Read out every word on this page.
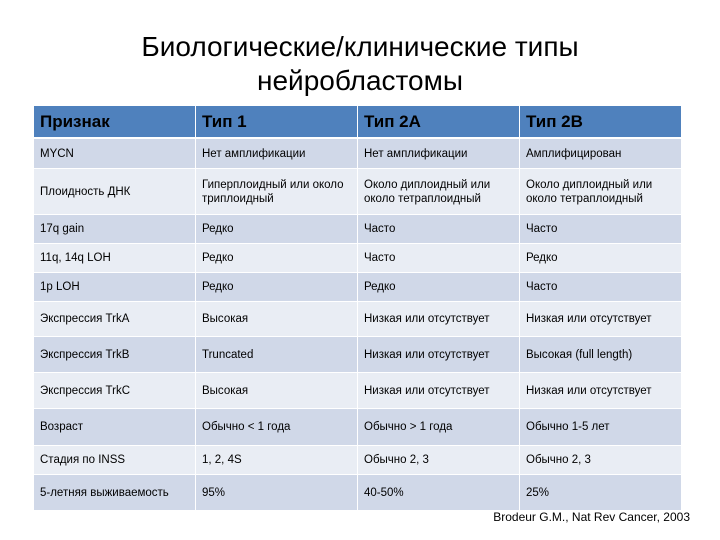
Биологические/клинические типы
нейробластомы
Признак	Тип 1	Тип 2A	Тип 2B
MYCN	Нет амплификации	Нет амплификации	Амплифицирован
Плоидность ДНК	Гиперплоидный или около триплоидный	Около диплоидный или около тетраплоидный	Около диплоидный или около тетраплоидный
17q gain	Редко	Часто	Часто
11q, 14q LOH	Редко	Часто	Редко
1p LOH	Редко	Редко	Часто
Экспрессия TrkA	Высокая	Низкая или отсутствует	Низкая или отсутствует
Экспрессия TrkB	Truncated	Низкая или отсутствует	Высокая (full length)
Экспрессия TrkC	Высокая	Низкая или отсутствует	Низкая или отсутствует
Возраст	Обычно < 1 года	Обычно > 1 года	Обычно 1-5 лет
Стадия по INSS	1, 2, 4S	Обычно 2, 3	Обычно 2, 3
5-летняя выживаемость	95%	40-50%	25%
Brodeur G.M., Nat Rev Cancer, 2003
